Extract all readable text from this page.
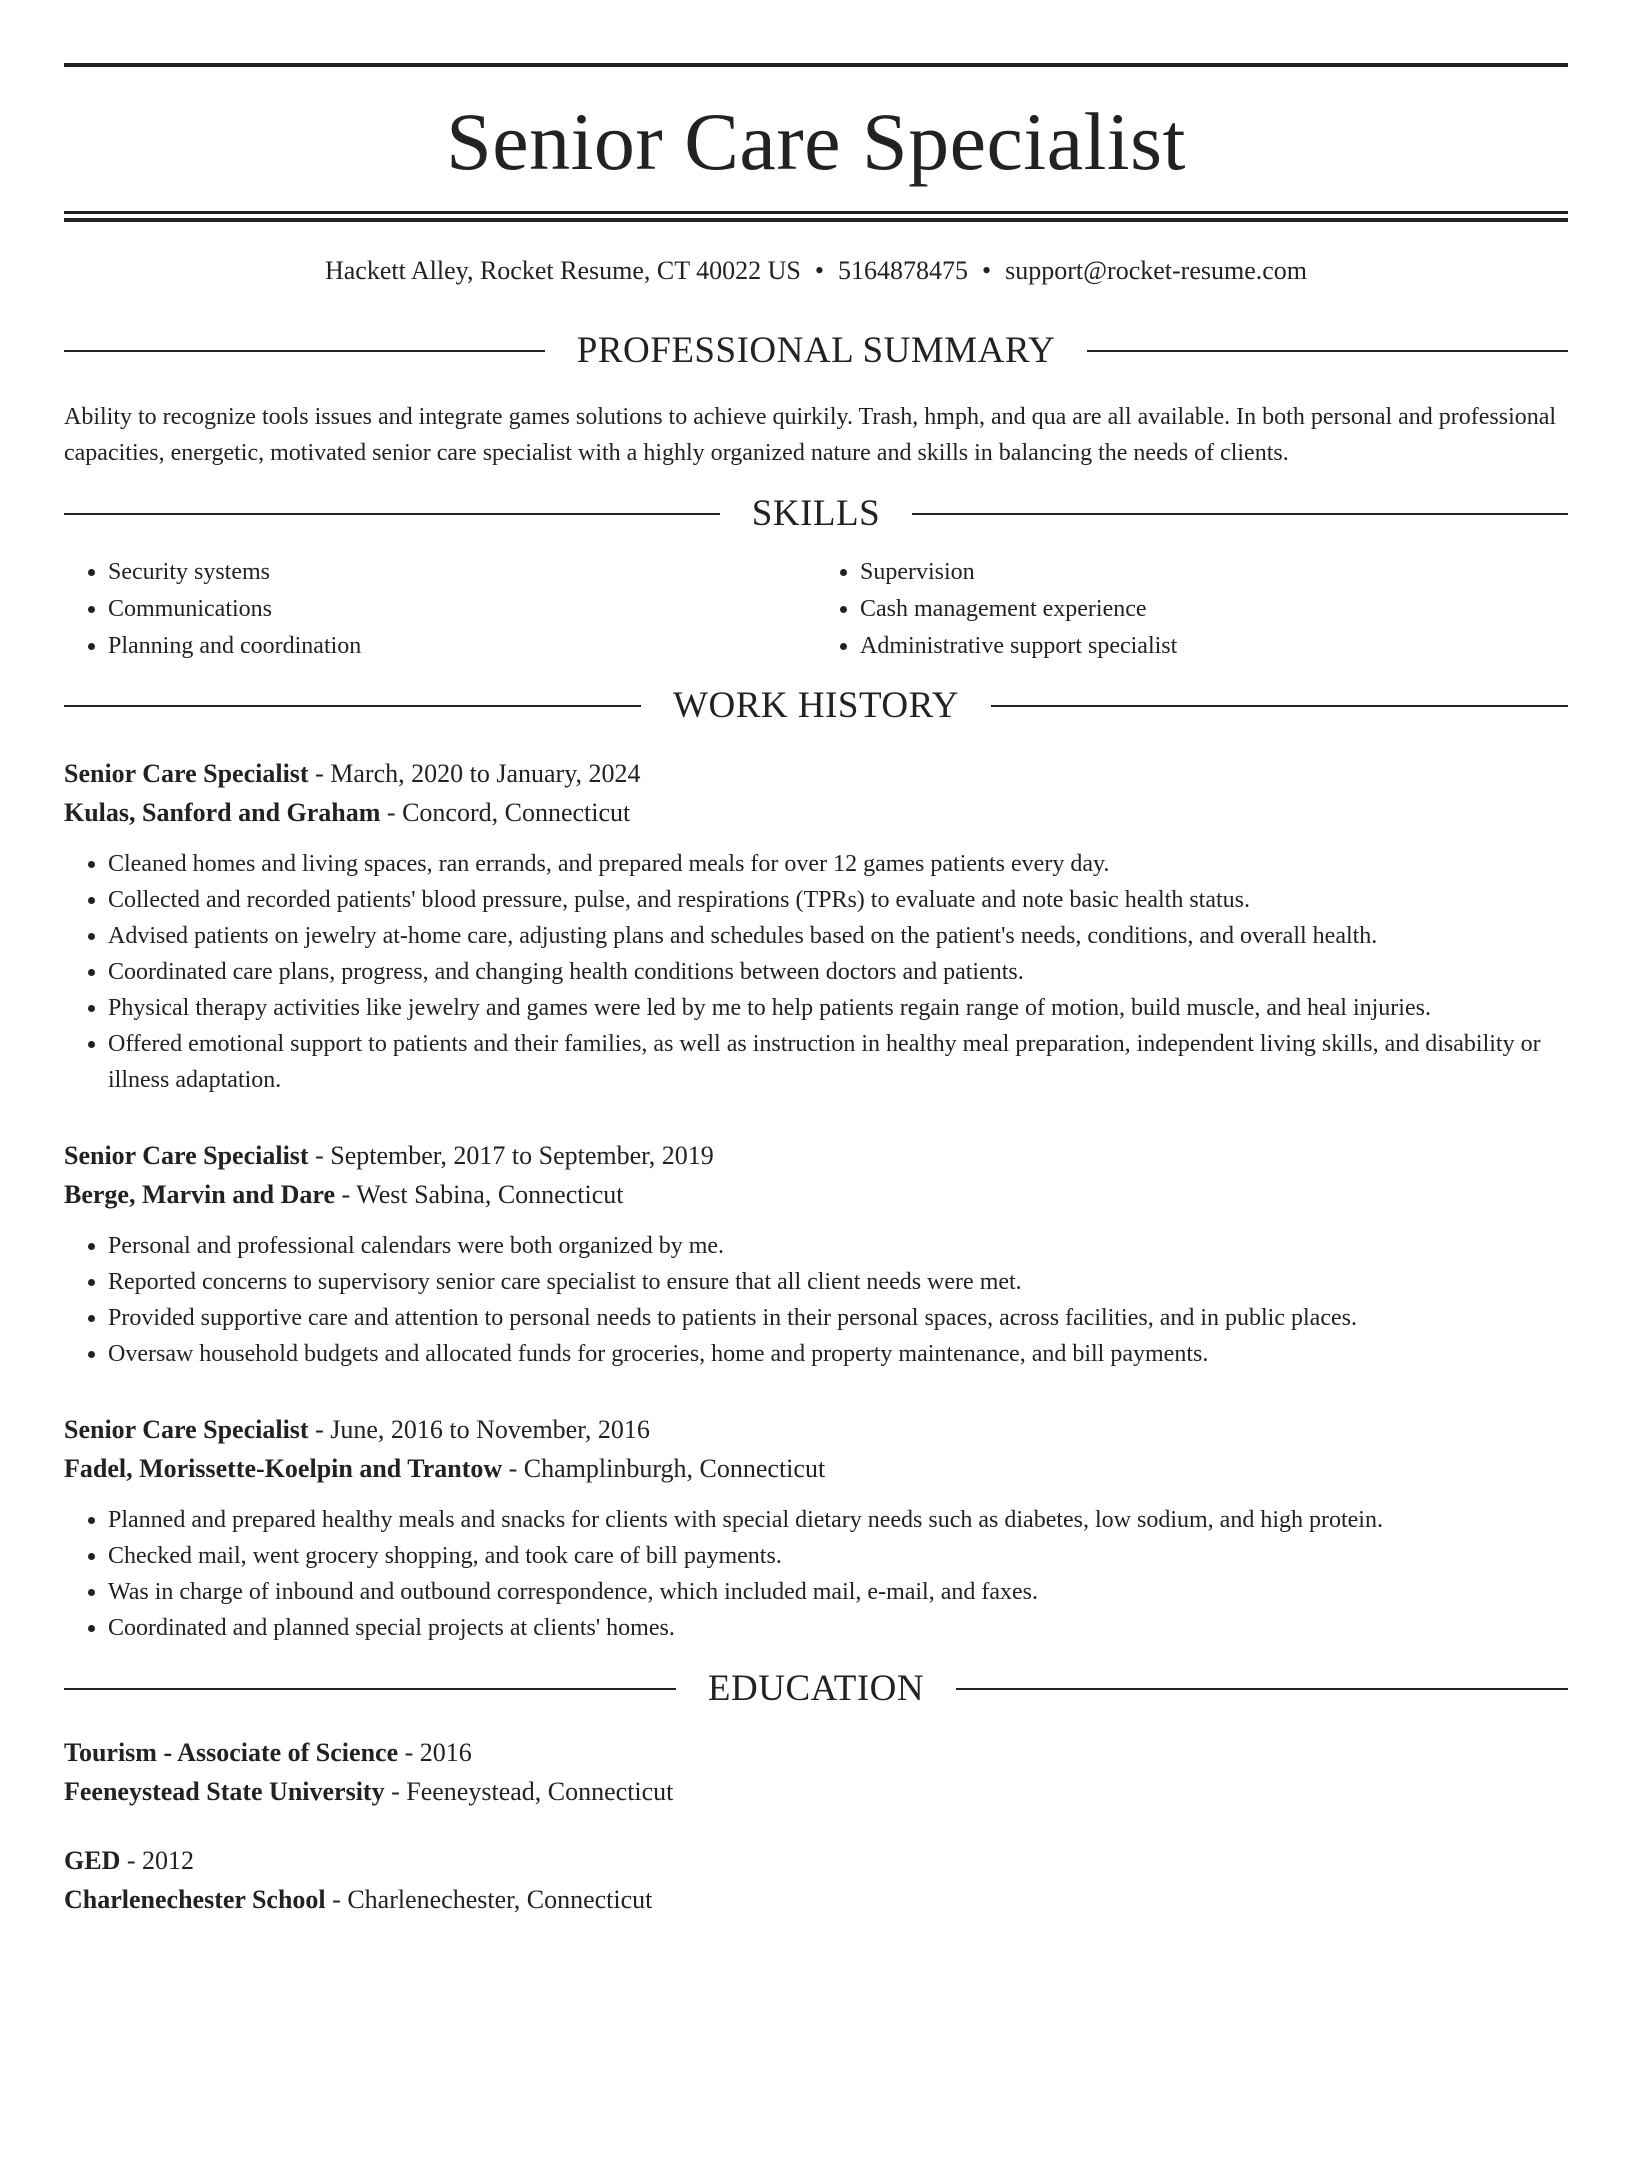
Senior Care Specialist
Hackett Alley, Rocket Resume, CT 40022 US • 5164878475 • support@rocket-resume.com
PROFESSIONAL SUMMARY

Ability to recognize tools issues and integrate games solutions to achieve quirkily. Trash, hmph, and qua are all available. In both personal and professional capacities, energetic, motivated senior care specialist with a highly organized nature and skills in balancing the needs of clients.

SKILLS
• Security systems
• Communications
• Planning and coordination
• Supervision
• Cash management experience
• Administrative support specialist
WORK HISTORY
Senior Care Specialist - March, 2020 to January, 2024
Kulas, Sanford and Graham - Concord, Connecticut
• Cleaned homes and living spaces, ran errands, and prepared meals for over 12 games patients every day.
• Collected and recorded patients' blood pressure, pulse, and respirations (TPRs) to evaluate and note basic health status.
• Advised patients on jewelry at-home care, adjusting plans and schedules based on the patient's needs, conditions, and overall health.
• Coordinated care plans, progress, and changing health conditions between doctors and patients.
• Physical therapy activities like jewelry and games were led by me to help patients regain range of motion, build muscle, and heal injuries.
• Offered emotional support to patients and their families, as well as instruction in healthy meal preparation, independent living skills, and disability or illness adaptation.
Senior Care Specialist - September, 2017 to September, 2019
Berge, Marvin and Dare - West Sabina, Connecticut
• Personal and professional calendars were both organized by me.
• Reported concerns to supervisory senior care specialist to ensure that all client needs were met.
• Provided supportive care and attention to personal needs to patients in their personal spaces, across facilities, and in public places.
• Oversaw household budgets and allocated funds for groceries, home and property maintenance, and bill payments.
Senior Care Specialist - June, 2016 to November, 2016
Fadel, Morissette-Koelpin and Trantow - Champlinburgh, Connecticut
• Planned and prepared healthy meals and snacks for clients with special dietary needs such as diabetes, low sodium, and high protein.
• Checked mail, went grocery shopping, and took care of bill payments.
• Was in charge of inbound and outbound correspondence, which included mail, e-mail, and faxes.
• Coordinated and planned special projects at clients' homes.
EDUCATION
Tourism - Associate of Science - 2016
Feeneystead State University - Feeneystead, Connecticut
GED - 2012
Charlenechester School - Charlenechester, Connecticut
